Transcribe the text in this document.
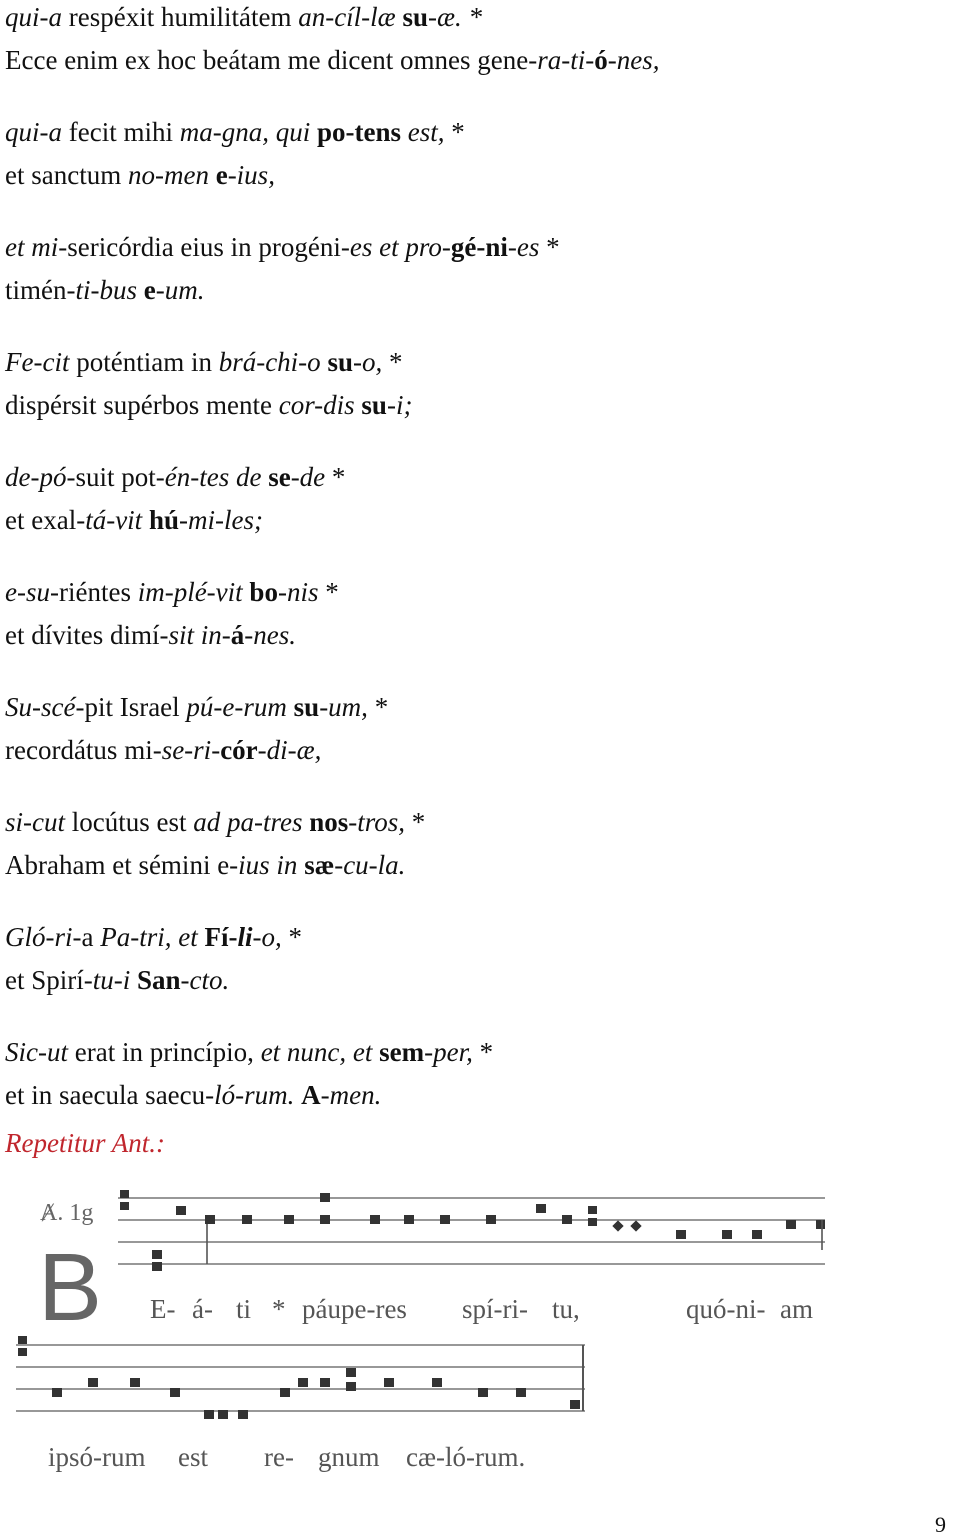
qui-a respéxit humilitátem an-cíl-læ su-æ. *
Ecce enim ex hoc beátam me dicent omnes gene-ra-ti-ó-nes,
qui-a fecit mihi ma-gna, qui po-tens est, *
et sanctum no-men e-ius,
et mi-sericórdia eius in progéni-es et pro-gé-ni-es *
timén-ti-bus e-um.
Fe-cit poténtiam in brá-chi-o su-o, *
dispérsit supérbos mente cor-dis su-i;
de-pó-suit pot-én-tes de se-de *
et exal-tá-vit hú-mi-les;
e-su-riéntes im-plé-vit bo-nis *
et dívites dimí-sit in-á-nes.
Su-scé-pit Israel pú-e-rum su-um, *
recordátus mi-se-ri-cór-di-æ,
si-cut locútus est ad pa-tres nos-tros, *
Abraham et sémini e-ius in sæ-cu-la.
Gló-ri-a Pa-tri, et Fí-li-o, *
et Spirí-tu-i San-cto.
Sic-ut erat in princípio, et nunc, et sem-per, *
et in saecula saecu-ló-rum. A-men.
Repetitur Ant.:
Ⱥ. 1g
B E- á- ti * páupe-res spí-ri- tu,	quó-ni- am
ipsó-rum est re- gnum cæ-ló-rum.
9
